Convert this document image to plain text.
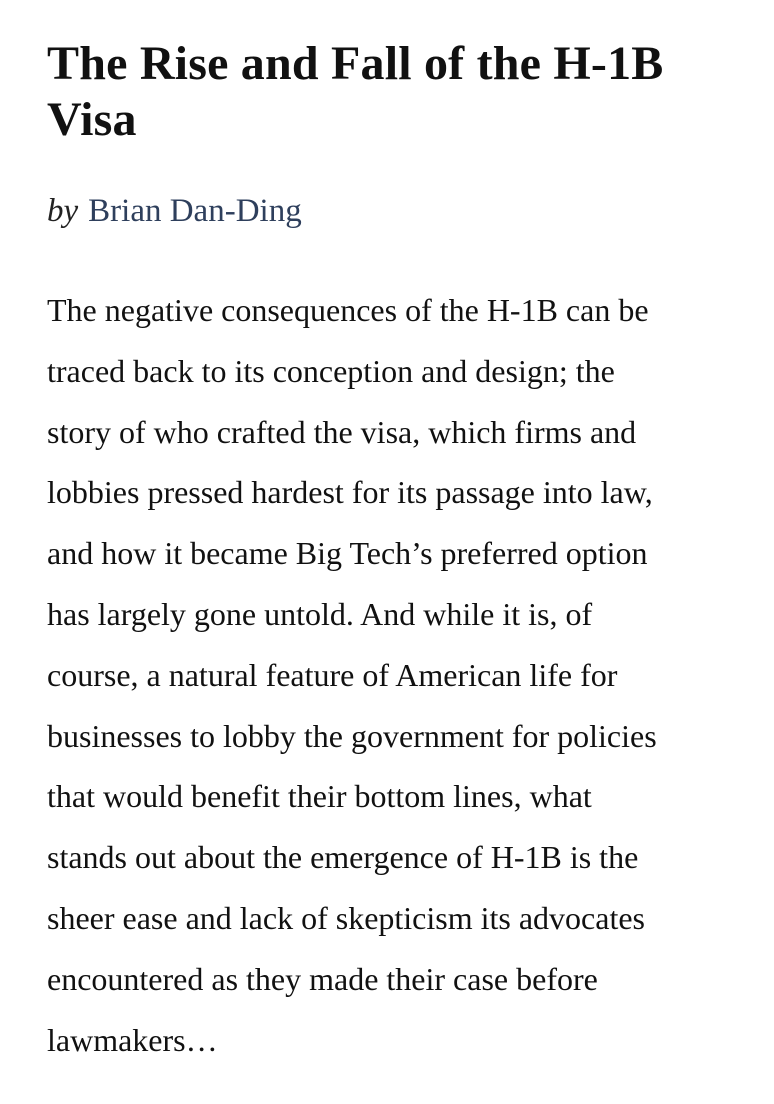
The Rise and Fall of the H-1B
Visa
by Brian Dan-Ding
The negative consequences of the H-1B can be
traced back to its conception and design; the
story of who crafted the visa, which firms and
lobbies pressed hardest for its passage into law,
and how it became Big Tech’s preferred option
has largely gone untold. And while it is, of
course, a natural feature of American life for
businesses to lobby the government for policies
that would benefit their bottom lines, what
stands out about the emergence of H-1B is the
sheer ease and lack of skepticism its advocates
encountered as they made their case before
lawmakers…
